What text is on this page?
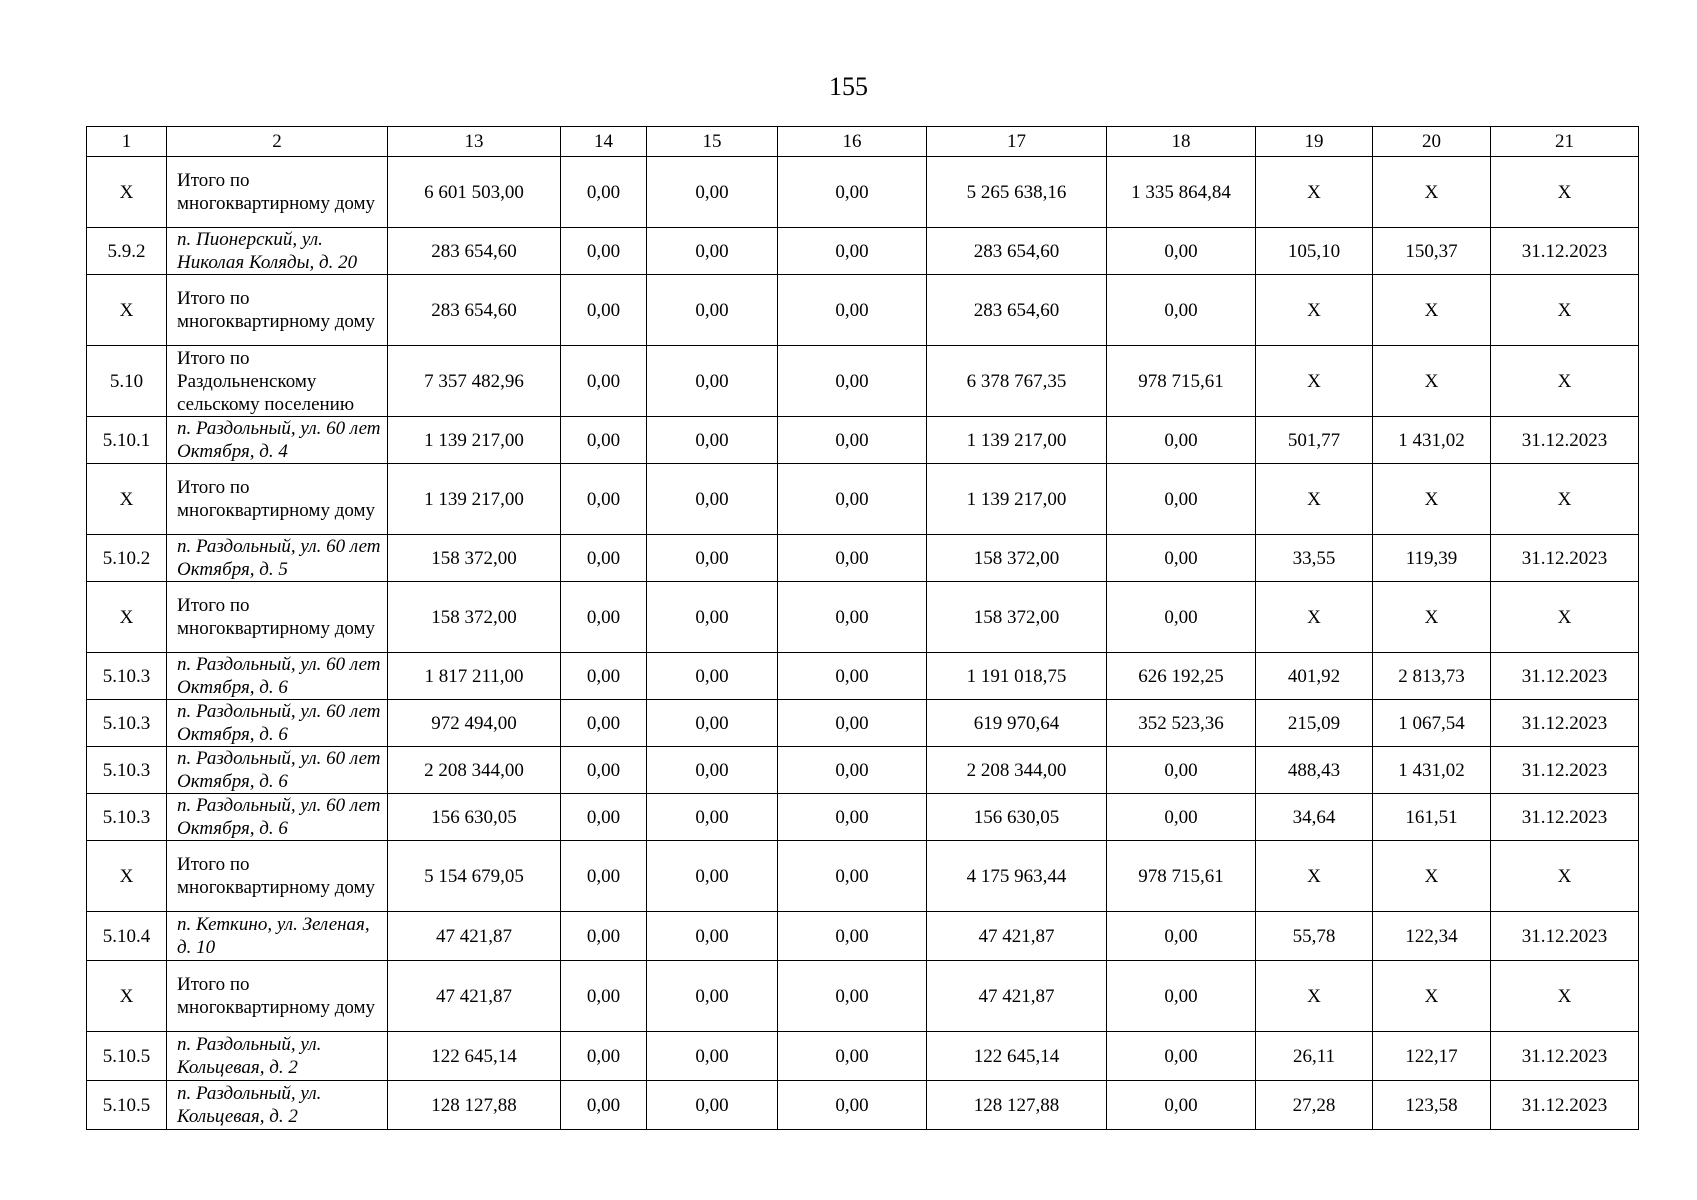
155
1	2	13	14	15	16	17	18	19	20	21
X	Итого по многоквартирному дому	6 601 503,00	0,00	0,00	0,00	5 265 638,16	1 335 864,84	X	X	X
5.9.2	п. Пионерский, ул. Николая Коляды, д. 20	283 654,60	0,00	0,00	0,00	283 654,60	0,00	105,10	150,37	31.12.2023
X	Итого по многоквартирному дому	283 654,60	0,00	0,00	0,00	283 654,60	0,00	X	X	X
5.10	Итого по Раздольненскому сельскому поселению	7 357 482,96	0,00	0,00	0,00	6 378 767,35	978 715,61	X	X	X
5.10.1	п. Раздольный, ул. 60 лет Октября, д. 4	1 139 217,00	0,00	0,00	0,00	1 139 217,00	0,00	501,77	1 431,02	31.12.2023
X	Итого по многоквартирному дому	1 139 217,00	0,00	0,00	0,00	1 139 217,00	0,00	X	X	X
5.10.2	п. Раздольный, ул. 60 лет Октября, д. 5	158 372,00	0,00	0,00	0,00	158 372,00	0,00	33,55	119,39	31.12.2023
X	Итого по многоквартирному дому	158 372,00	0,00	0,00	0,00	158 372,00	0,00	X	X	X
5.10.3	п. Раздольный, ул. 60 лет Октября, д. 6	1 817 211,00	0,00	0,00	0,00	1 191 018,75	626 192,25	401,92	2 813,73	31.12.2023
5.10.3	п. Раздольный, ул. 60 лет Октября, д. 6	972 494,00	0,00	0,00	0,00	619 970,64	352 523,36	215,09	1 067,54	31.12.2023
5.10.3	п. Раздольный, ул. 60 лет Октября, д. 6	2 208 344,00	0,00	0,00	0,00	2 208 344,00	0,00	488,43	1 431,02	31.12.2023
5.10.3	п. Раздольный, ул. 60 лет Октября, д. 6	156 630,05	0,00	0,00	0,00	156 630,05	0,00	34,64	161,51	31.12.2023
X	Итого по многоквартирному дому	5 154 679,05	0,00	0,00	0,00	4 175 963,44	978 715,61	X	X	X
5.10.4	п. Кеткино, ул. Зеленая, д. 10	47 421,87	0,00	0,00	0,00	47 421,87	0,00	55,78	122,34	31.12.2023
X	Итого по многоквартирному дому	47 421,87	0,00	0,00	0,00	47 421,87	0,00	X	X	X
5.10.5	п. Раздольный, ул. Кольцевая, д. 2	122 645,14	0,00	0,00	0,00	122 645,14	0,00	26,11	122,17	31.12.2023
5.10.5	п. Раздольный, ул. Кольцевая, д. 2	128 127,88	0,00	0,00	0,00	128 127,88	0,00	27,28	123,58	31.12.2023
